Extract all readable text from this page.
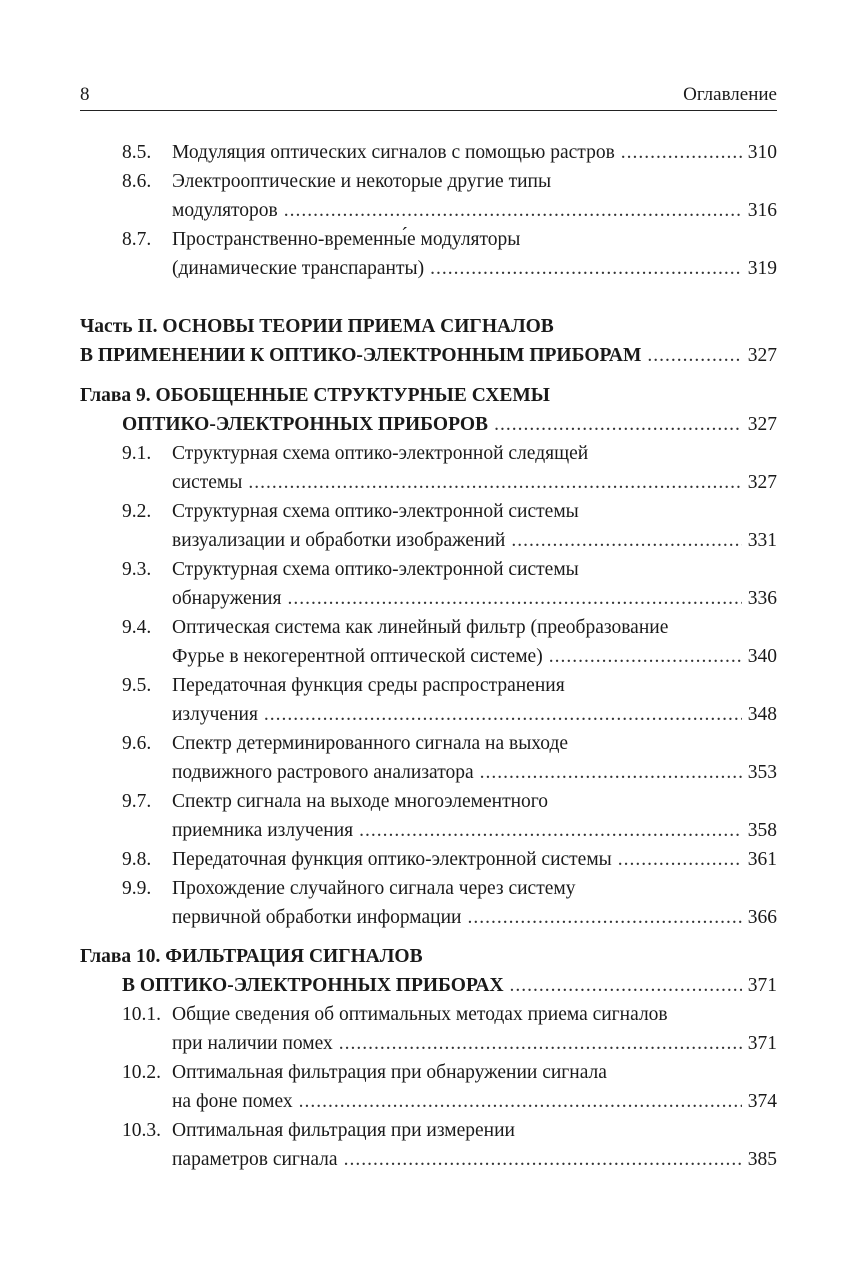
8	Оглавление
8.5. Модуляция оптических сигналов с помощью растров .....	310
8.6. Электрооптические и некоторые другие типы
модуляторов .....	316
8.7. Пространственно-временны́е модуляторы
(динамические транспаранты) .....	319
Часть II. ОСНОВЫ ТЕОРИИ ПРИЕМА СИГНАЛОВ
В ПРИМЕНЕНИИ К ОПТИКО-ЭЛЕКТРОННЫМ ПРИБОРАМ .....	327
Глава 9. ОБОБЩЕННЫЕ СТРУКТУРНЫЕ СХЕМЫ
ОПТИКО-ЭЛЕКТРОННЫХ ПРИБОРОВ .....	327
9.1. Структурная схема оптико-электронной следящей
системы .....	327
9.2. Структурная схема оптико-электронной системы
визуализации и обработки изображений .....	331
9.3. Структурная схема оптико-электронной системы
обнаружения .....	336
9.4. Оптическая система как линейный фильтр (преобразование
Фурье в некогерентной оптической системе) .....	340
9.5. Передаточная функция среды распространения
излучения .....	348
9.6. Спектр детерминированного сигнала на выходе
подвижного растрового анализатора .....	353
9.7. Спектр сигнала на выходе многоэлементного
приемника излучения .....	358
9.8. Передаточная функция оптико-электронной системы .....	361
9.9. Прохождение случайного сигнала через систему
первичной обработки информации .....	366
Глава 10. ФИЛЬТРАЦИЯ СИГНАЛОВ
В ОПТИКО-ЭЛЕКТРОННЫХ ПРИБОРАХ .....	371
10.1. Общие сведения об оптимальных методах приема сигналов
при наличии помех .....	371
10.2. Оптимальная фильтрация при обнаружении сигнала
на фоне помех .....	374
10.3. Оптимальная фильтрация при измерении
параметров сигнала .....	385
